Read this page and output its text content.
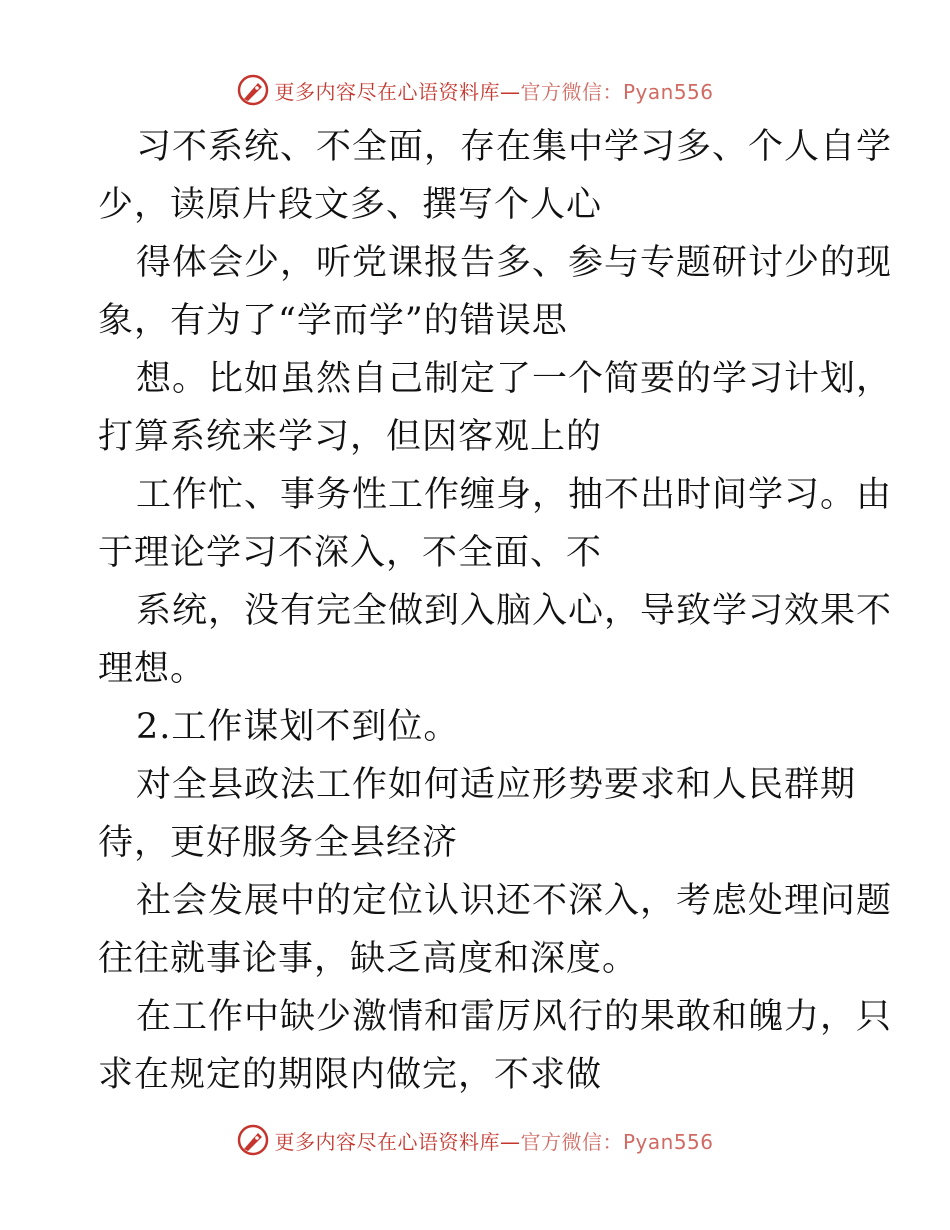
更多内容尽在心语资料库—官方微信：Pyan556
习不系统、不全面，存在集中学习多、个人自学
少，读原片段文多、撰写个人心
得体会少，听党课报告多、参与专题研讨少的现
象，有为了“学而学”的错误思
想。比如虽然自己制定了一个简要的学习计划，
打算系统来学习，但因客观上的
工作忙、事务性工作缠身，抽不出时间学习。由
于理论学习不深入，不全面、不
系统，没有完全做到入脑入心，导致学习效果不
理想。
2.工作谋划不到位。
对全县政法工作如何适应形势要求和人民群期
待，更好服务全县经济
社会发展中的定位认识还不深入，考虑处理问题
往往就事论事，缺乏高度和深度。
在工作中缺少激情和雷厉风行的果敢和魄力，只
求在规定的期限内做完，不求做
更多内容尽在心语资料库—官方微信：Pyan556
